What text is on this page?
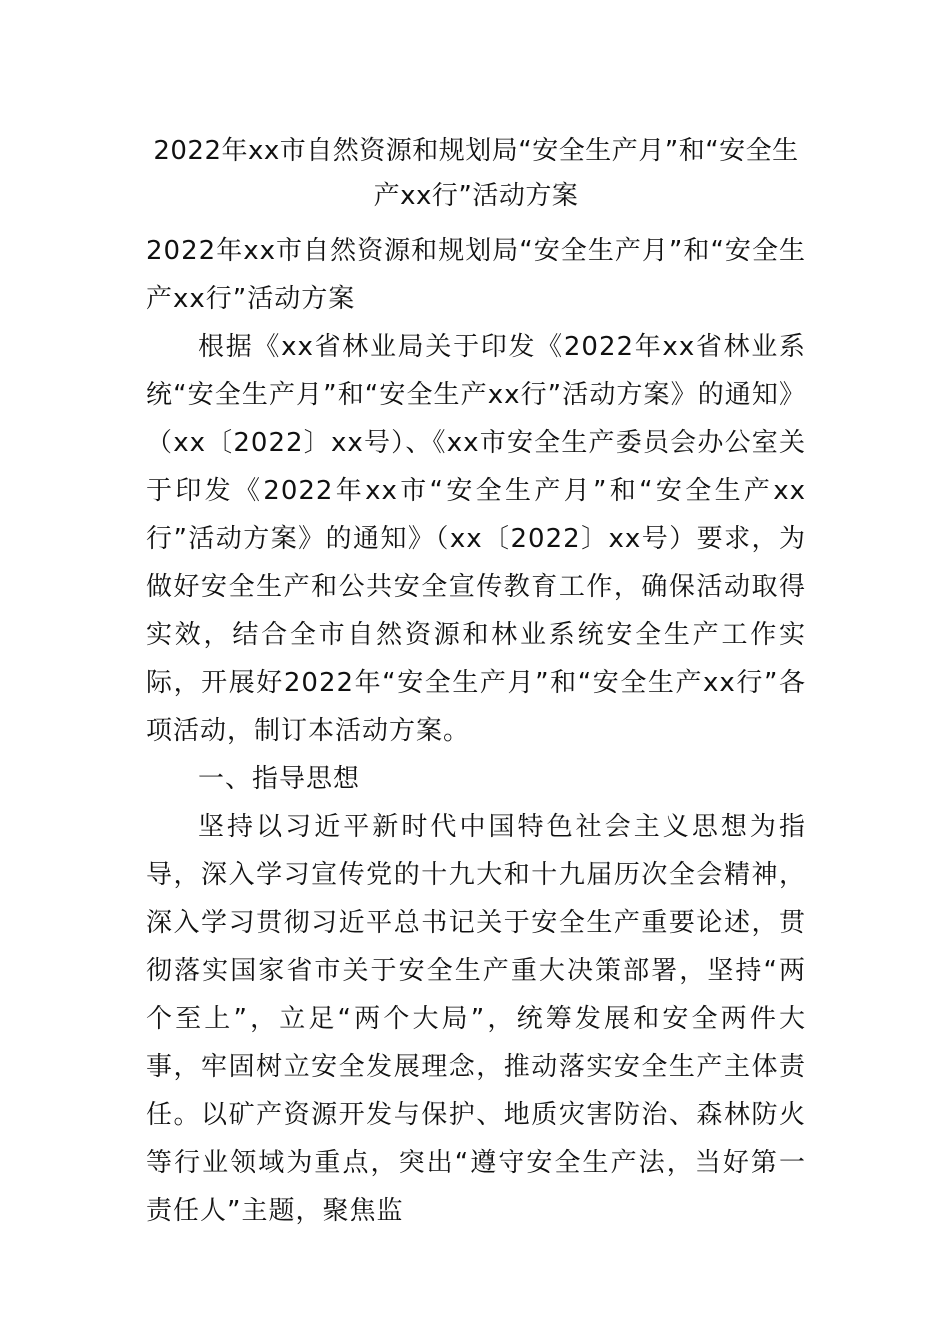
2022年xx市自然资源和规划局“安全生产月”和“安全生产xx行”活动方案

2022年xx市自然资源和规划局“安全生产月”和“安全生产xx行”活动方案

根据《xx省林业局关于印发《2022年xx省林业系统“安全生产月”和“安全生产xx行”活动方案》的通知》（xx〔2022〕xx号）、《xx市安全生产委员会办公室关于印发《2022年xx市“安全生产月”和“安全生产xx行”活动方案》的通知》（xx〔2022〕xx号）要求，为做好安全生产和公共安全宣传教育工作，确保活动取得实效，结合全市自然资源和林业系统安全生产工作实际，开展好2022年“安全生产月”和“安全生产xx行”各项活动，制订本活动方案。

一、指导思想

坚持以习近平新时代中国特色社会主义思想为指导，深入学习宣传党的十九大和十九届历次全会精神，深入学习贯彻习近平总书记关于安全生产重要论述，贯彻落实国家省市关于安全生产重大决策部署，坚持“两个至上”，立足“两个大局”，统筹发展和安全两件大事，牢固树立安全发展理念，推动落实安全生产主体责任。以矿产资源开发与保护、地质灾害防治、森林防火等行业领域为重点，突出“遵守安全生产法，当好第一责任人”主题，聚焦监
